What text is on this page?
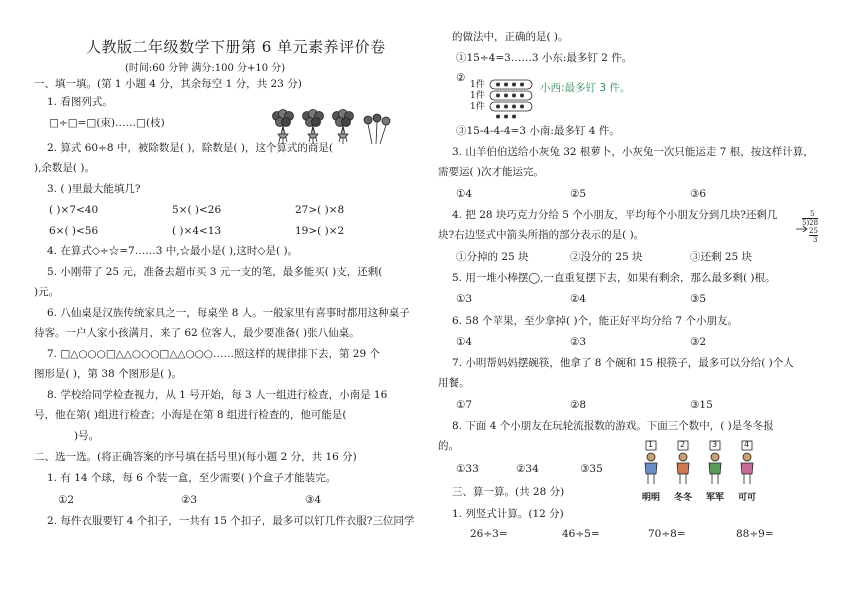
人教版二年级数学下册第 6 单元素养评价卷
(时间:60 分钟 满分:100 分+10 分)
一、填一填。(第 1 小题 4 分，其余每空 1 分，共 23 分)
1. 看图列式。
□÷□=□(束)……□(枝)
2. 算式 60÷8 中，被除数是( )，除数是( )，这个算式的商是(
),余数是( )。
3. ( )里最大能填几?
( )×7<40	5×( )<26	27>( )×8
6×( )<56	( )×4<13	19>( )×2
4. 在算式◇÷☆=7……3 中,☆最小是( ),这时◇是( )。
5. 小刚带了 25 元，准备去超市买 3 元一支的笔，最多能买( )支，还剩(
)元。
6. 八仙桌是汉族传统家具之一，每桌坐 8 人。一般家里有喜事时都用这种桌子
待客。一户人家小孩满月，来了 62 位客人，最少要准备( )张八仙桌。
7. □△○○○□△△○○○□△△○○○……照这样的规律排下去，第 29 个
图形是( )，第 38 个图形是( )。
8. 学校给同学检查视力，从 1 号开始，每 3 人一组进行检查，小南是 16
号，他在第( )组进行检查；小海是在第 8 组进行检查的，他可能是(
)号。
二、选一选。(将正确答案的序号填在括号里)(每小题 2 分，共 16 分)
1. 有 14 个球，每 6 个装一盒，至少需要( )个盒子才能装完。
①2	②3	③4
2. 每件衣服要钉 4 个扣子，一共有 15 个扣子，最多可以钉几件衣服?三位同学
的做法中，正确的是( )。
①15÷4=3……3 小东:最多钉 2 件。
②
1件
1件
1件
小西:最多钉 3 件。
③15-4-4-4=3 小南:最多钉 4 件。
3. 山羊伯伯送给小灰兔 32 根萝卜，小灰兔一次只能运走 7 根，按这样计算，
需要运( )次才能运完。
①4	②5	③6
4. 把 28 块巧克力分给 5 个小朋友，平均每个小朋友分到几块?还剩几
块?右边竖式中箭头所指的部分表示的是( )。
5
5)28
25
3
①分掉的 25 块	②没分的 25 块	③还剩 25 块
5. 用一堆小棒摆◯,一直重复摆下去，如果有剩余，那么最多剩( )根。
①3	②4	③5
6. 58 个苹果，至少拿掉( )个，能正好平均分给 7 个小朋友。
①4	②3	③2
7. 小明帮妈妈摆碗筷，他拿了 8 个碗和 15 根筷子，最多可以分给( )个人
用餐。
①7	②8	③15
8. 下面 4 个小朋友在玩轮流报数的游戏。下面三个数中，( )是冬冬报
的。
①33	②34	③35
1	2	3	4
明明 冬冬 军军 可可
三、算一算。(共 28 分)
1. 列竖式计算。(12 分)
26÷3=	46÷5=	70÷8=	88÷9=
